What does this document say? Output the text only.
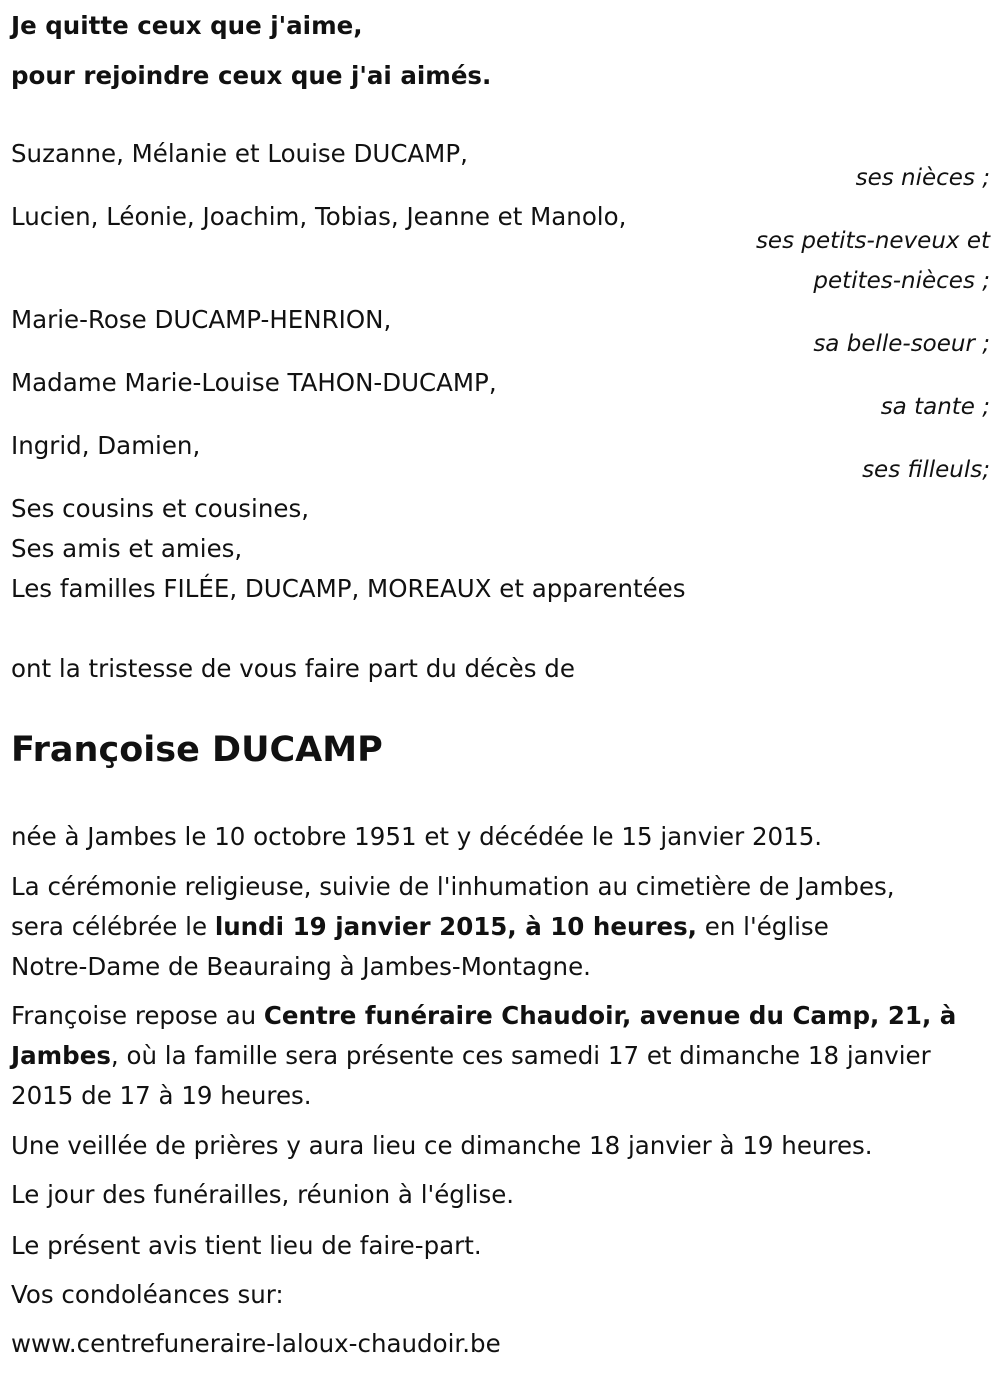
Je quitte ceux que j'aime,

pour rejoindre ceux que j'ai aimés.

Suzanne, Mélanie et Louise DUCAMP,

ses nièces ;

Lucien, Léonie, Joachim, Tobias, Jeanne et Manolo,

ses petits-neveux et
petites-nièces ;

Marie-Rose DUCAMP-HENRION,

sa belle-soeur ;

Madame Marie-Louise TAHON-DUCAMP,

sa tante ;

Ingrid, Damien,

ses filleuls;

Ses cousins et cousines,

Ses amis et amies,

Les familles FILÉE, DUCAMP, MOREAUX et apparentées

ont la tristesse de vous faire part du décès de

Françoise DUCAMP

née à Jambes le 10 octobre 1951 et y décédée le 15 janvier 2015.

La cérémonie religieuse, suivie de l'inhumation au cimetière de Jambes,

sera célébrée le lundi 19 janvier 2015, à 10 heures, en l'église

Notre-Dame de Beauraing à Jambes-Montagne.

Françoise repose au Centre funéraire Chaudoir, avenue du Camp, 21, à

Jambes, où la famille sera présente ces samedi 17 et dimanche 18 janvier

2015 de 17 à 19 heures.

Une veillée de prières y aura lieu ce dimanche 18 janvier à 19 heures.

Le jour des funérailles, réunion à l'église.

Le présent avis tient lieu de faire-part.

Vos condoléances sur:

www.centrefuneraire-laloux-chaudoir.be
